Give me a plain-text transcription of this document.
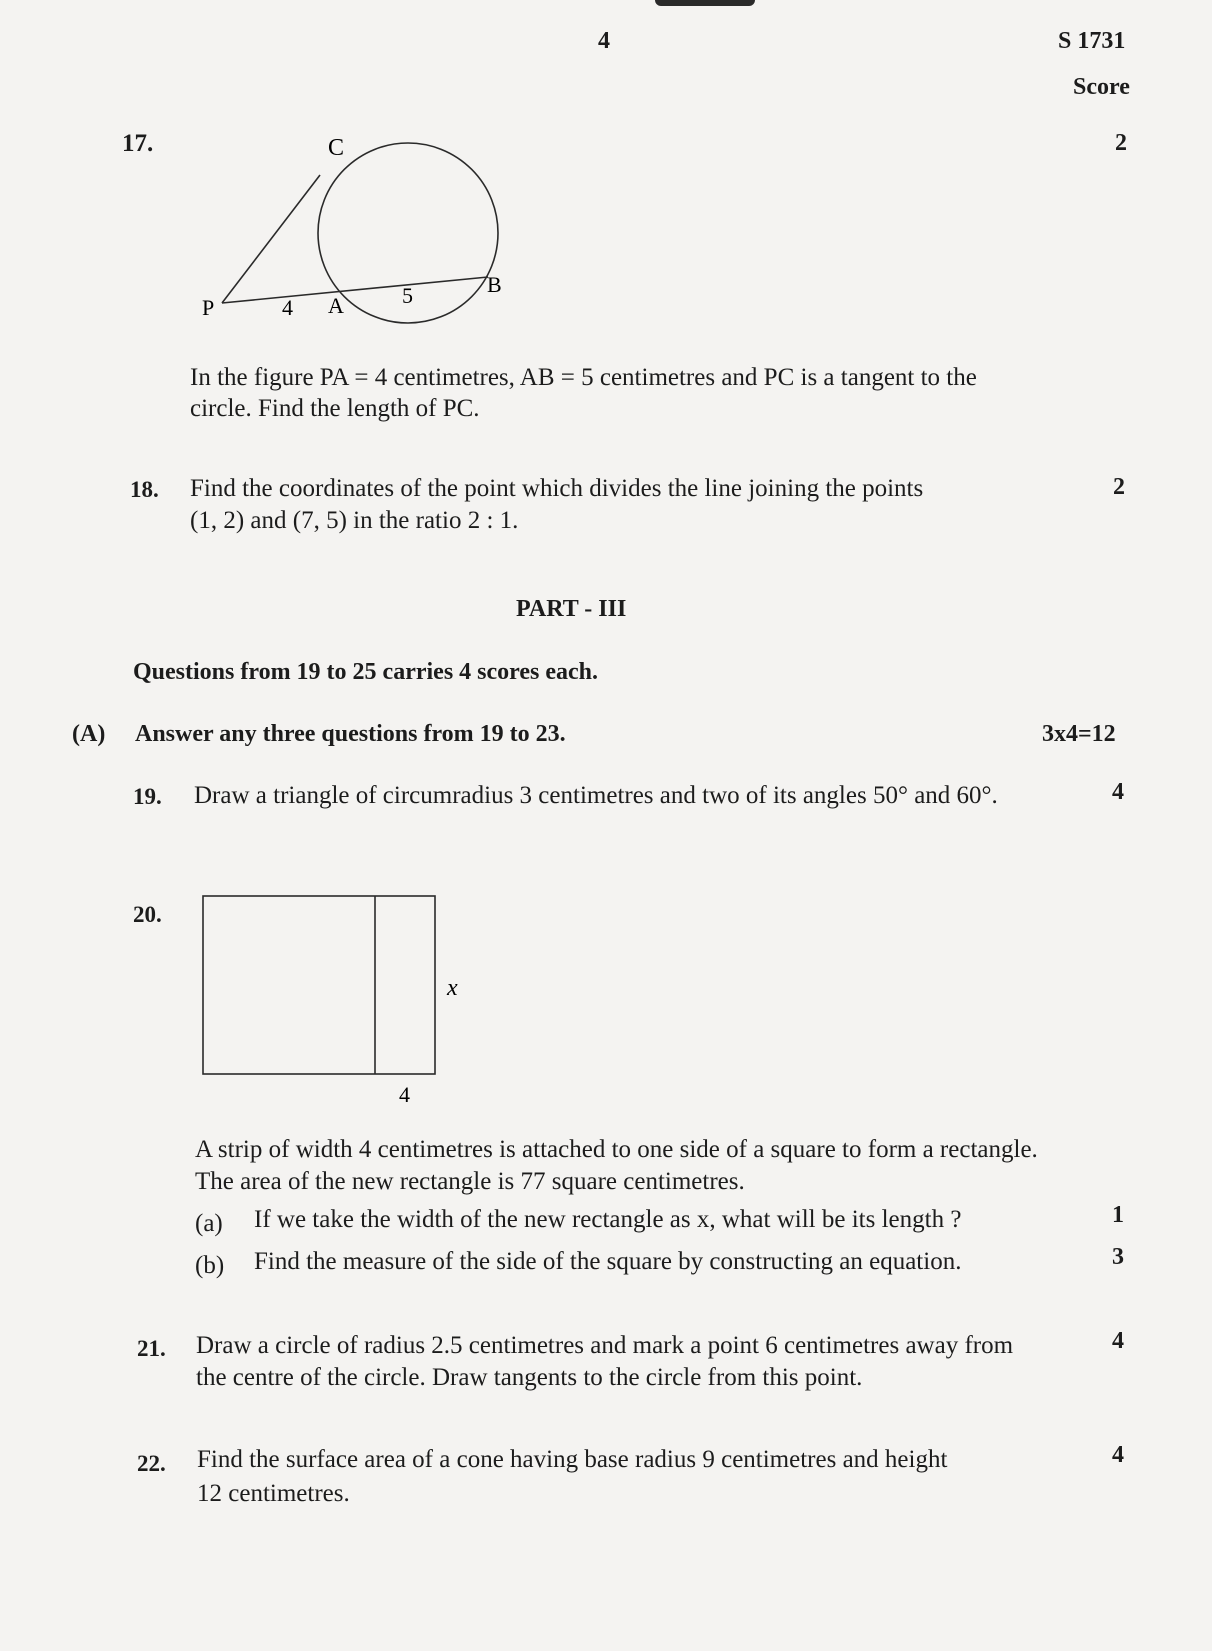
4	S 1731
Score
17.	2
C
P	4 A	5	B
In the figure PA = 4 centimetres, AB = 5 centimetres and PC is a tangent to the
circle. Find the length of PC.
18. Find the coordinates of the point which divides the line joining the points
(1, 2) and (7, 5) in the ratio 2 : 1.
2
PART - III
Questions from 19 to 25 carries 4 scores each.
(A) Answer any three questions from 19 to 23.	3x4=12
19. Draw a triangle of circumradius 3 centimetres and two of its angles 50° and 60°.	4
20.
x
4
A strip of width 4 centimetres is attached to one side of a square to form a rectangle.
The area of the new rectangle is 77 square centimetres.
(a) If we take the width of the new rectangle as x, what will be its length ?	1
(b) Find the measure of the side of the square by constructing an equation.	3
21. Draw a circle of radius 2.5 centimetres and mark a point 6 centimetres away from
the centre of the circle. Draw tangents to the circle from this point.
4
22. Find the surface area of a cone having base radius 9 centimetres and height
12 centimetres.
4
